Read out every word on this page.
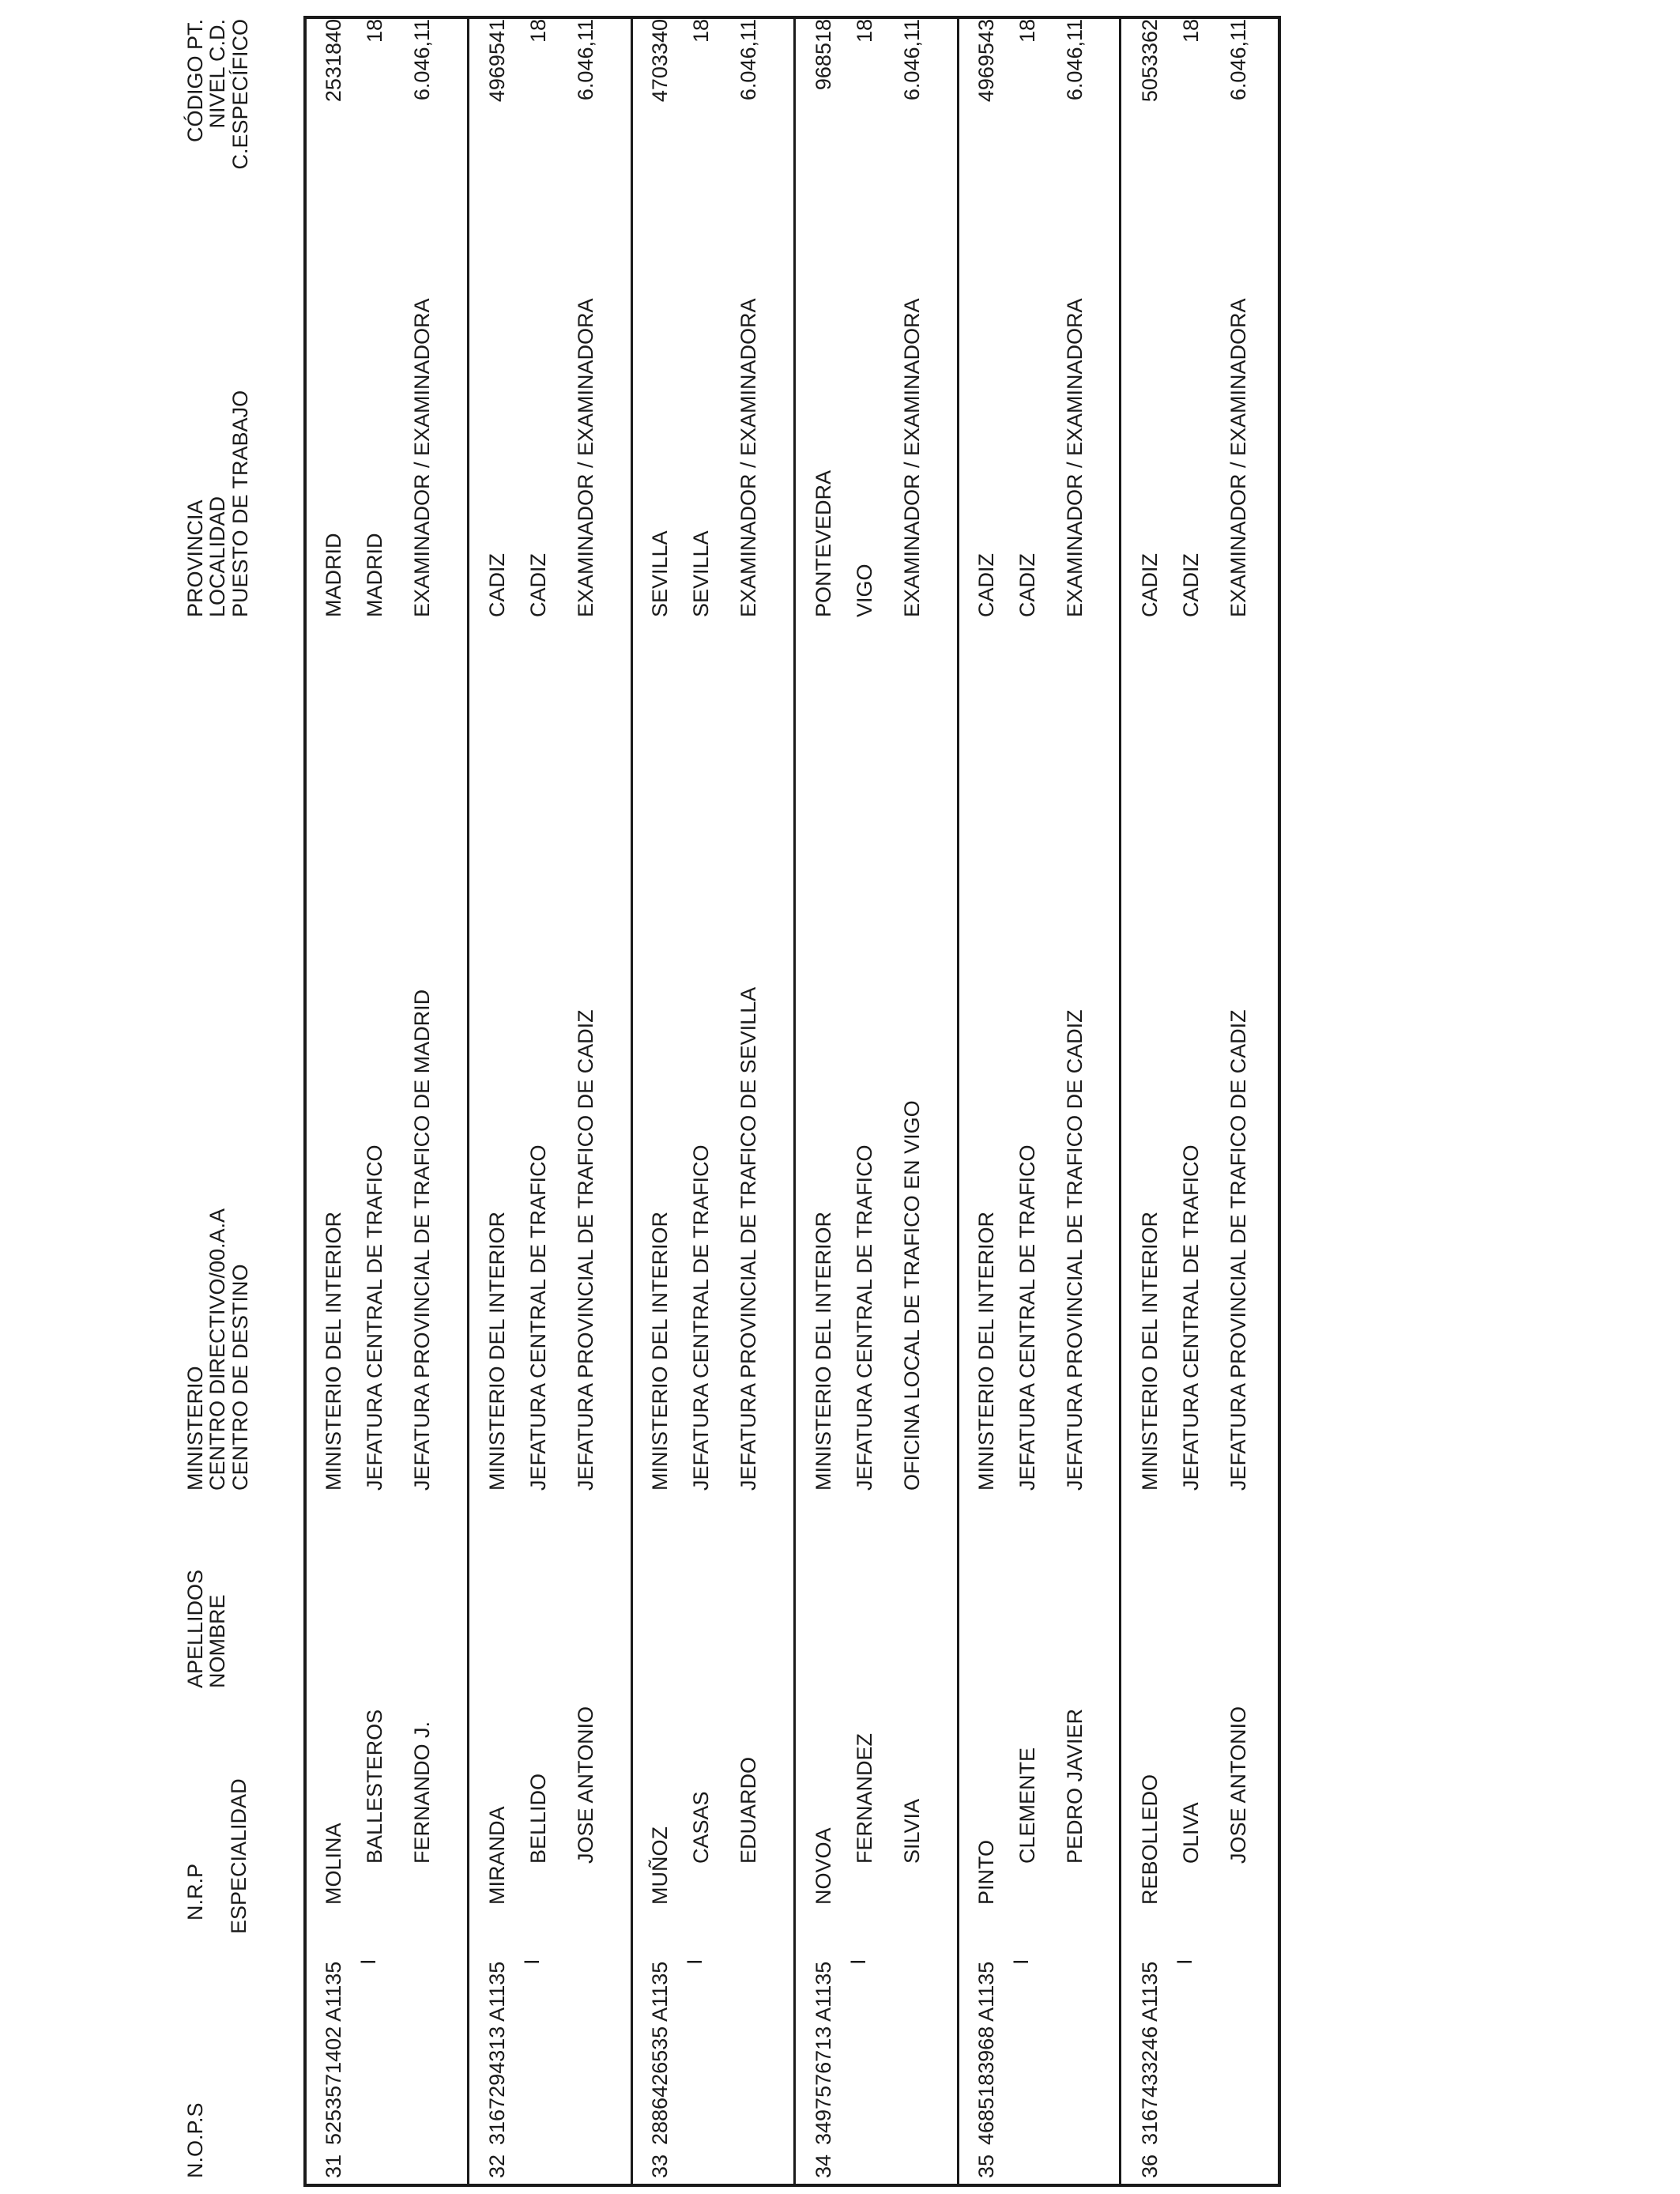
N.O.P.S
N.R.P ESPECIALIDAD
APELLIDOS
NOMBRE
MINISTERIO
CENTRO DIRECTIVO/00.A.A
CENTRO DE DESTINO
PROVINCIA
LOCALIDAD
PUESTO DE TRABAJO
CÓDIGO PT.
NIVEL C.D.
C.ESPECÍFICO
31
5253571402 A1135 I
MOLINA
BALLESTEROS FERNANDO J.
MINISTERIO DEL INTERIOR JEFATURA CENTRAL DE TRAFICO JEFATURA PROVINCIAL DE TRAFICO DE MADRID
MADRID MADRID EXAMINADOR / EXAMINADORA
2531840 18 6.046,11
32
3167294313 A1135 I
MIRANDA BELLIDO JOSE ANTONIO
MINISTERIO DEL INTERIOR JEFATURA CENTRAL DE TRAFICO JEFATURA PROVINCIAL DE TRAFICO DE CADIZ
CADIZ CADIZ EXAMINADOR / EXAMINADORA
4969541 18 6.046,11
33
2886426535 A1135 I
MUÑOZ CASAS EDUARDO
MINISTERIO DEL INTERIOR JEFATURA CENTRAL DE TRAFICO JEFATURA PROVINCIAL DE TRAFICO DE SEVILLA
SEVILLA SEVILLA EXAMINADOR / EXAMINADORA
4703340 18 6.046,11
34
3497576713 A1135 I
NOVOA
FERNANDEZ SILVIA
MINISTERIO DEL INTERIOR JEFATURA CENTRAL DE TRAFICO OFICINA LOCAL DE TRAFICO EN VIGO
PONTEVEDRA VIGO EXAMINADOR / EXAMINADORA
968518 18 6.046,11
35
4685183968 A1135 I
PINTO
CLEMENTE PEDRO JAVIER
MINISTERIO DEL INTERIOR JEFATURA CENTRAL DE TRAFICO JEFATURA PROVINCIAL DE TRAFICO DE CADIZ
CADIZ CADIZ EXAMINADOR / EXAMINADORA
4969543 18 6.046,11
36
3167433246 A1135 I
REBOLLEDO OLIVA JOSE ANTONIO
MINISTERIO DEL INTERIOR JEFATURA CENTRAL DE TRAFICO JEFATURA PROVINCIAL DE TRAFICO DE CADIZ
CADIZ CADIZ EXAMINADOR / EXAMINADORA
5053362 18 6.046,11
